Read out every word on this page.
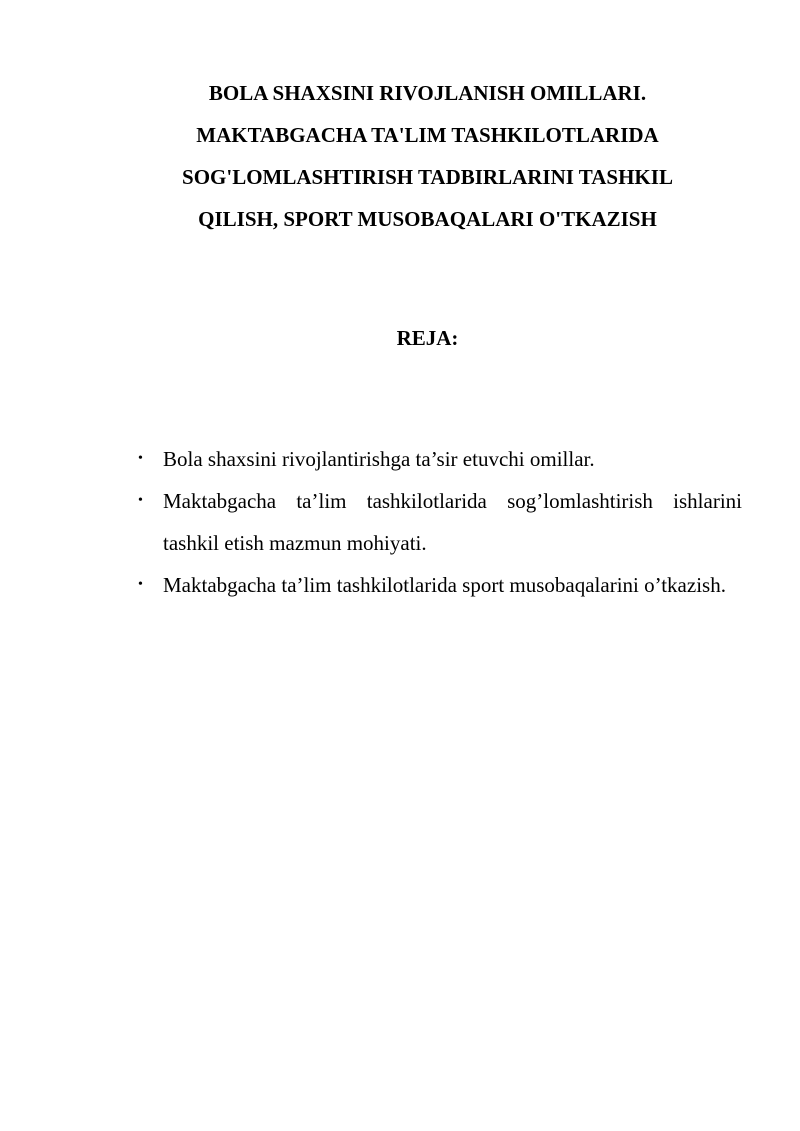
BOLA SHAXSINI RIVOJLANISH OMILLARI.
MAKTABGACHA TA'LIM TASHKILOTLARIDA
SOG'LOMLASHTIRISH TADBIRLARINI TASHKIL
QILISH, SPORT MUSOBAQALARI O'TKAZISH
REJA:
• Bola shaxsini rivojlantirishga ta’sir etuvchi omillar.
• Maktabgacha ta’lim tashkilotlarida sog’lomlashtirish ishlarini tashkil etish mazmun mohiyati.
• Maktabgacha ta’lim tashkilotlarida sport musobaqalarini o’tkazish.
